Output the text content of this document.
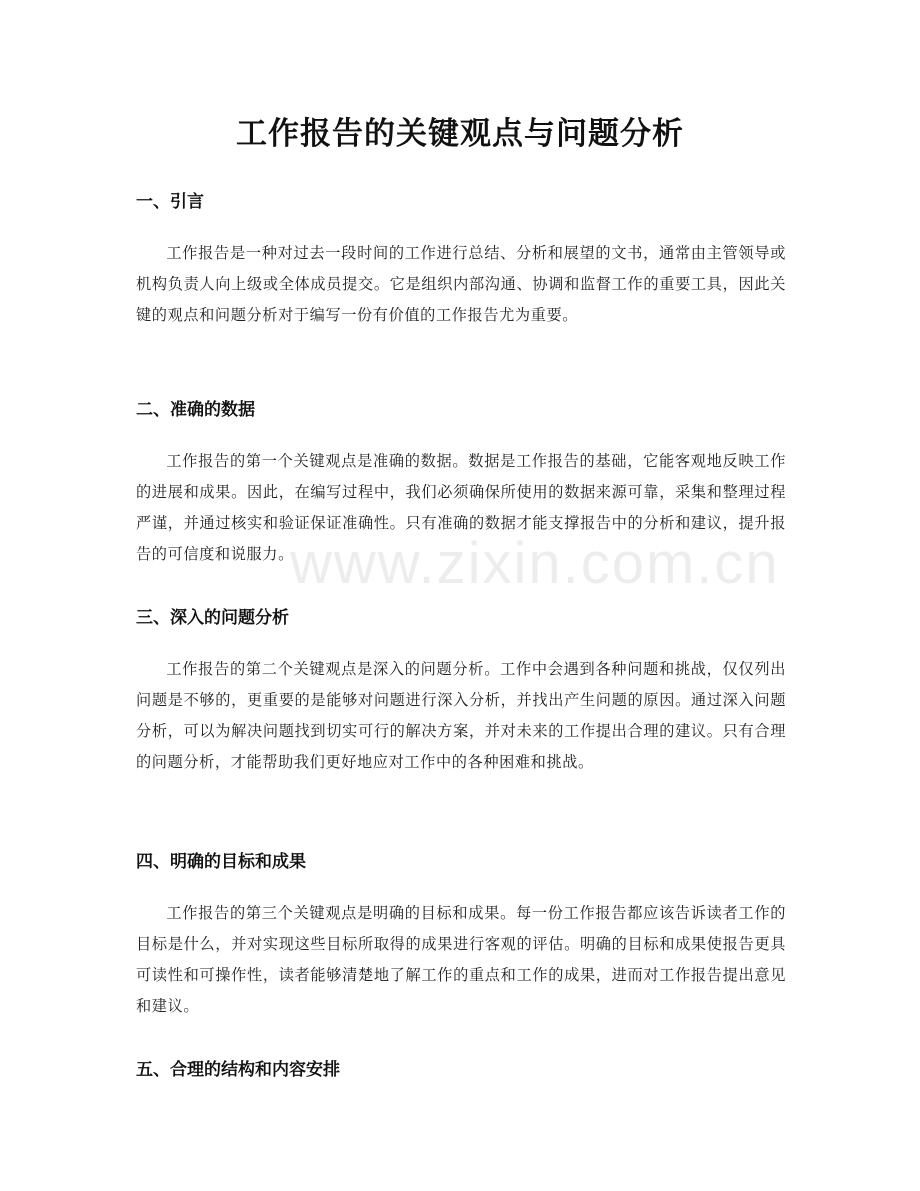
www.zixin.com.cn
工作报告的关键观点与问题分析
一、引言

工作报告是一种对过去一段时间的工作进行总结、分析和展望的文书，通常由主管领导或机构负责人向上级或全体成员提交。它是组织内部沟通、协调和监督工作的重要工具，因此关键的观点和问题分析对于编写一份有价值的工作报告尤为重要。

二、准确的数据

工作报告的第一个关键观点是准确的数据。数据是工作报告的基础，它能客观地反映工作的进展和成果。因此，在编写过程中，我们必须确保所使用的数据来源可靠，采集和整理过程严谨，并通过核实和验证保证准确性。只有准确的数据才能支撑报告中的分析和建议，提升报告的可信度和说服力。

三、深入的问题分析

工作报告的第二个关键观点是深入的问题分析。工作中会遇到各种问题和挑战，仅仅列出问题是不够的，更重要的是能够对问题进行深入分析，并找出产生问题的原因。通过深入问题分析，可以为解决问题找到切实可行的解决方案，并对未来的工作提出合理的建议。只有合理的问题分析，才能帮助我们更好地应对工作中的各种困难和挑战。

四、明确的目标和成果

工作报告的第三个关键观点是明确的目标和成果。每一份工作报告都应该告诉读者工作的目标是什么，并对实现这些目标所取得的成果进行客观的评估。明确的目标和成果使报告更具可读性和可操作性，读者能够清楚地了解工作的重点和工作的成果，进而对工作报告提出意见和建议。

五、合理的结构和内容安排
